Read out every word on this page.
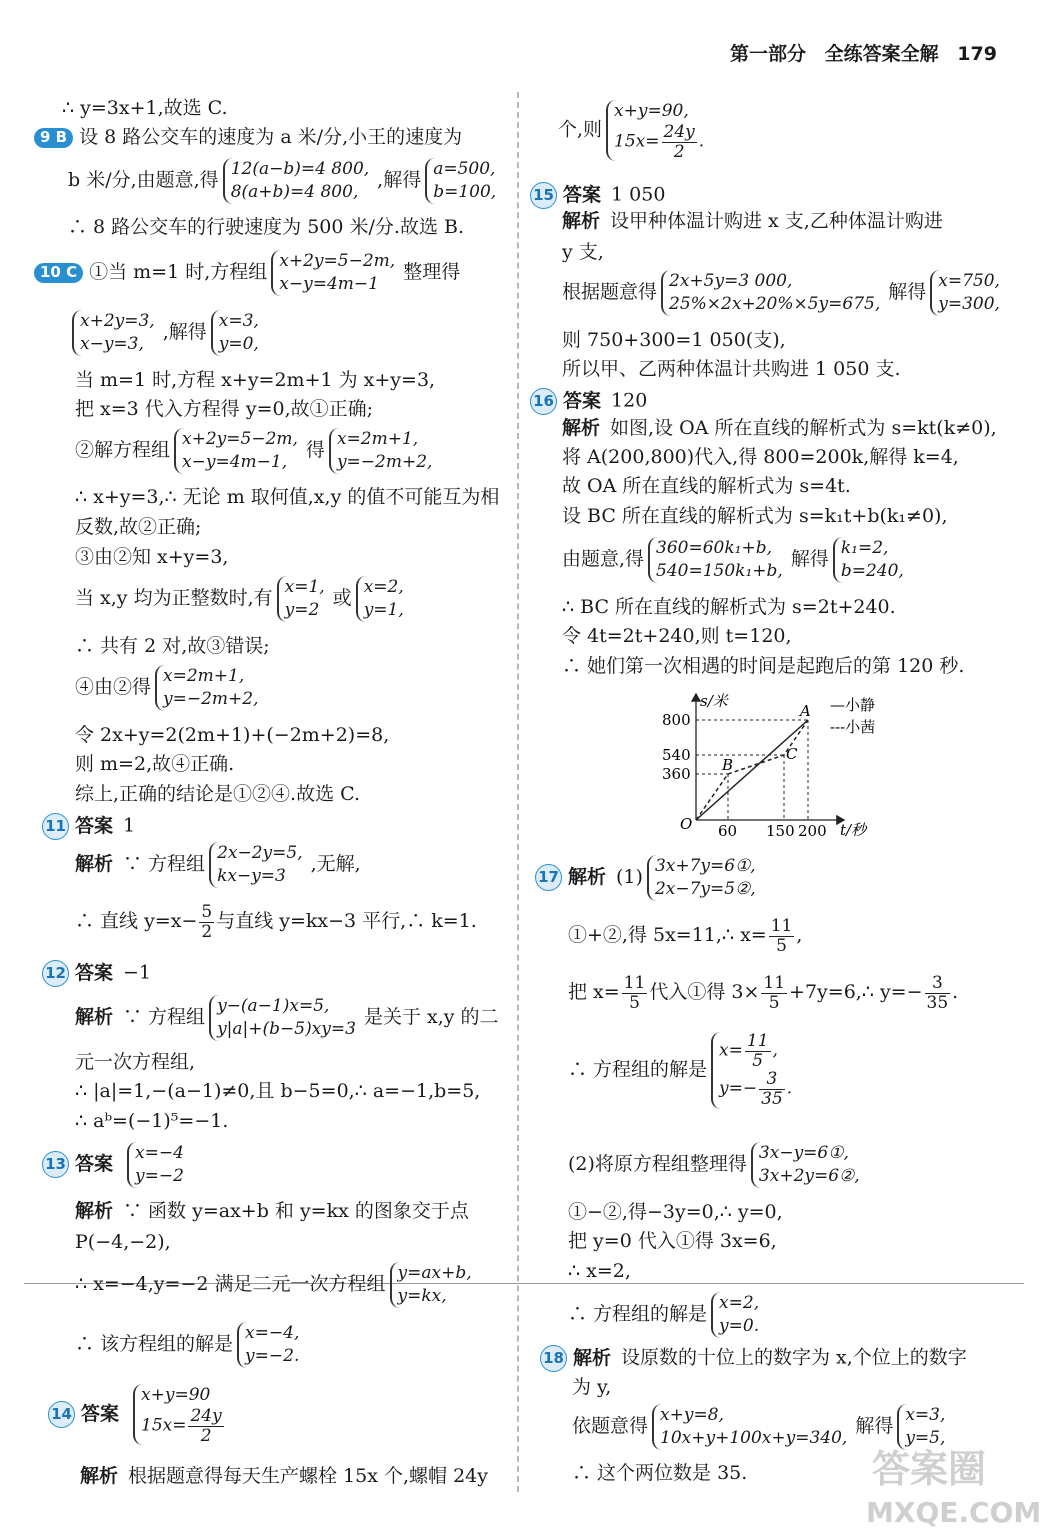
第一部分 全练答案全解 179
∴ y=3x+1,故选 C.
9 B 设 8 路公交车的速度为 a 米/分,小王的速度为
b 米/分,由题意,得 12(a−b)=4 800,
8(a+b)=4 800,
,解得 a=500,
b=100,
∴ 8 路公交车的行驶速度为 500 米/分.故选 B.
10 C ①当 m=1 时,方程组 x+2y=5−2m,
x−y=4m−1
整理得
x+2y=3,
x−y=3,
,解得 x=3,
y=0,
当 m=1 时,方程 x+y=2m+1 为 x+y=3,
把 x=3 代入方程得 y=0,故①正确;
②解方程组 x+2y=5−2m,
x−y=4m−1,
得 x=2m+1,
y=−2m+2,
∴ x+y=3,∴ 无论 m 取何值,x,y 的值不可能互为相
反数,故②正确;
③由②知 x+y=3,
当 x,y 均为正整数时,有 x=1,
y=2
或 x=2,
y=1,
∴ 共有 2 对,故③错误;
④由②得 x=2m+1,
y=−2m+2,
令 2x+y=2(2m+1)+(−2m+2)=8,
则 m=2,故④正确.
综上,正确的结论是①②④.故选 C.
11 答案 1
解析 ∵ 方程组 2x−2y=5,
kx−y=3
,无解,
∴ 直线 $y=x- \frac{5}{2}$ 与直线 y=kx−3 平行,∴ k=1.
12 答案 −1
解析 ∵ 方程组 y−(a−1)x=5,
y|a|+(b−5)xy=3
是关于 x,y 的二
元一次方程组,
∴ |a|=1,−(a−1)≠0,且 b−5=0,∴ a=−1,b=5,
∴ aᵇ=(−1)⁵=−1.
13 答案 x=−4
y=−2
解析 ∵ 函数 y=ax+b 和 y=kx 的图象交于点
P(−4,−2),
∴ x=−4,y=−2 满足二元一次方程组 y=ax+b,
y=kx,
∴ 该方程组的解是 x=−4,
y=−2.
14 答案
x+y=90
$15x= \frac{24y}{2}$
解析 根据题意得每天生产螺栓 15x 个,螺帽 24y
个,则
x+y=90,
$15x= \frac{24y}{2}$ .
15 答案 1 050
解析 设甲种体温计购进 x 支,乙种体温计购进
y 支,
根据题意得 2x+5y=3 000,
25%×2x+20%×5y=675,
解得 x=750,
y=300,
则 750+300=1 050(支),
所以甲、乙两种体温计共购进 1 050 支.
16 答案 120
解析 如图,设 OA 所在直线的解析式为 s=kt(k≠0),
将 A(200,800)代入,得 800=200k,解得 k=4,
故 OA 所在直线的解析式为 s=4t.
设 BC 所在直线的解析式为 s=k₁t+b(k₁≠0),
由题意,得 360=60k₁+b,
540=150k₁+b,
解得 k₁=2,
b=240,
∴ BC 所在直线的解析式为 s=2t+240.
令 4t=2t+240,则 t=120,
∴ 她们第一次相遇的时间是起跑后的第 120 秒.
s/米
t/秒
O
800
540
360
60 150 200
B
C
A —小静
---小茜
17 解析 (1) 3x+7y=6①,
2x−7y=5②,
①+②,得 5x=11,∴ $x= \frac{11}{5}$ ,
把 $x= \frac{11}{5}$ 代入①得 $3\times \frac{11}{5}$ +7y=6,∴ $y=- \frac{3}{35}$ .
∴ 方程组的解是
$x= \frac{11}{5}$ ,
$y=- \frac{3}{35}$ .
(2)将原方程组整理得 3x−y=6①,
3x+2y=6②,
①−②,得−3y=0,∴ y=0,
把 y=0 代入①得 3x=6,
∴ x=2,
∴ 方程组的解是 x=2,
y=0.
18 解析 设原数的十位上的数字为 x,个位上的数字
为 y,
依题意得 x+y=8,
10x+y+100x+y=340,
解得 x=3,
y=5,
∴ 这个两位数是 35.	答案圈
MXQE.COM
